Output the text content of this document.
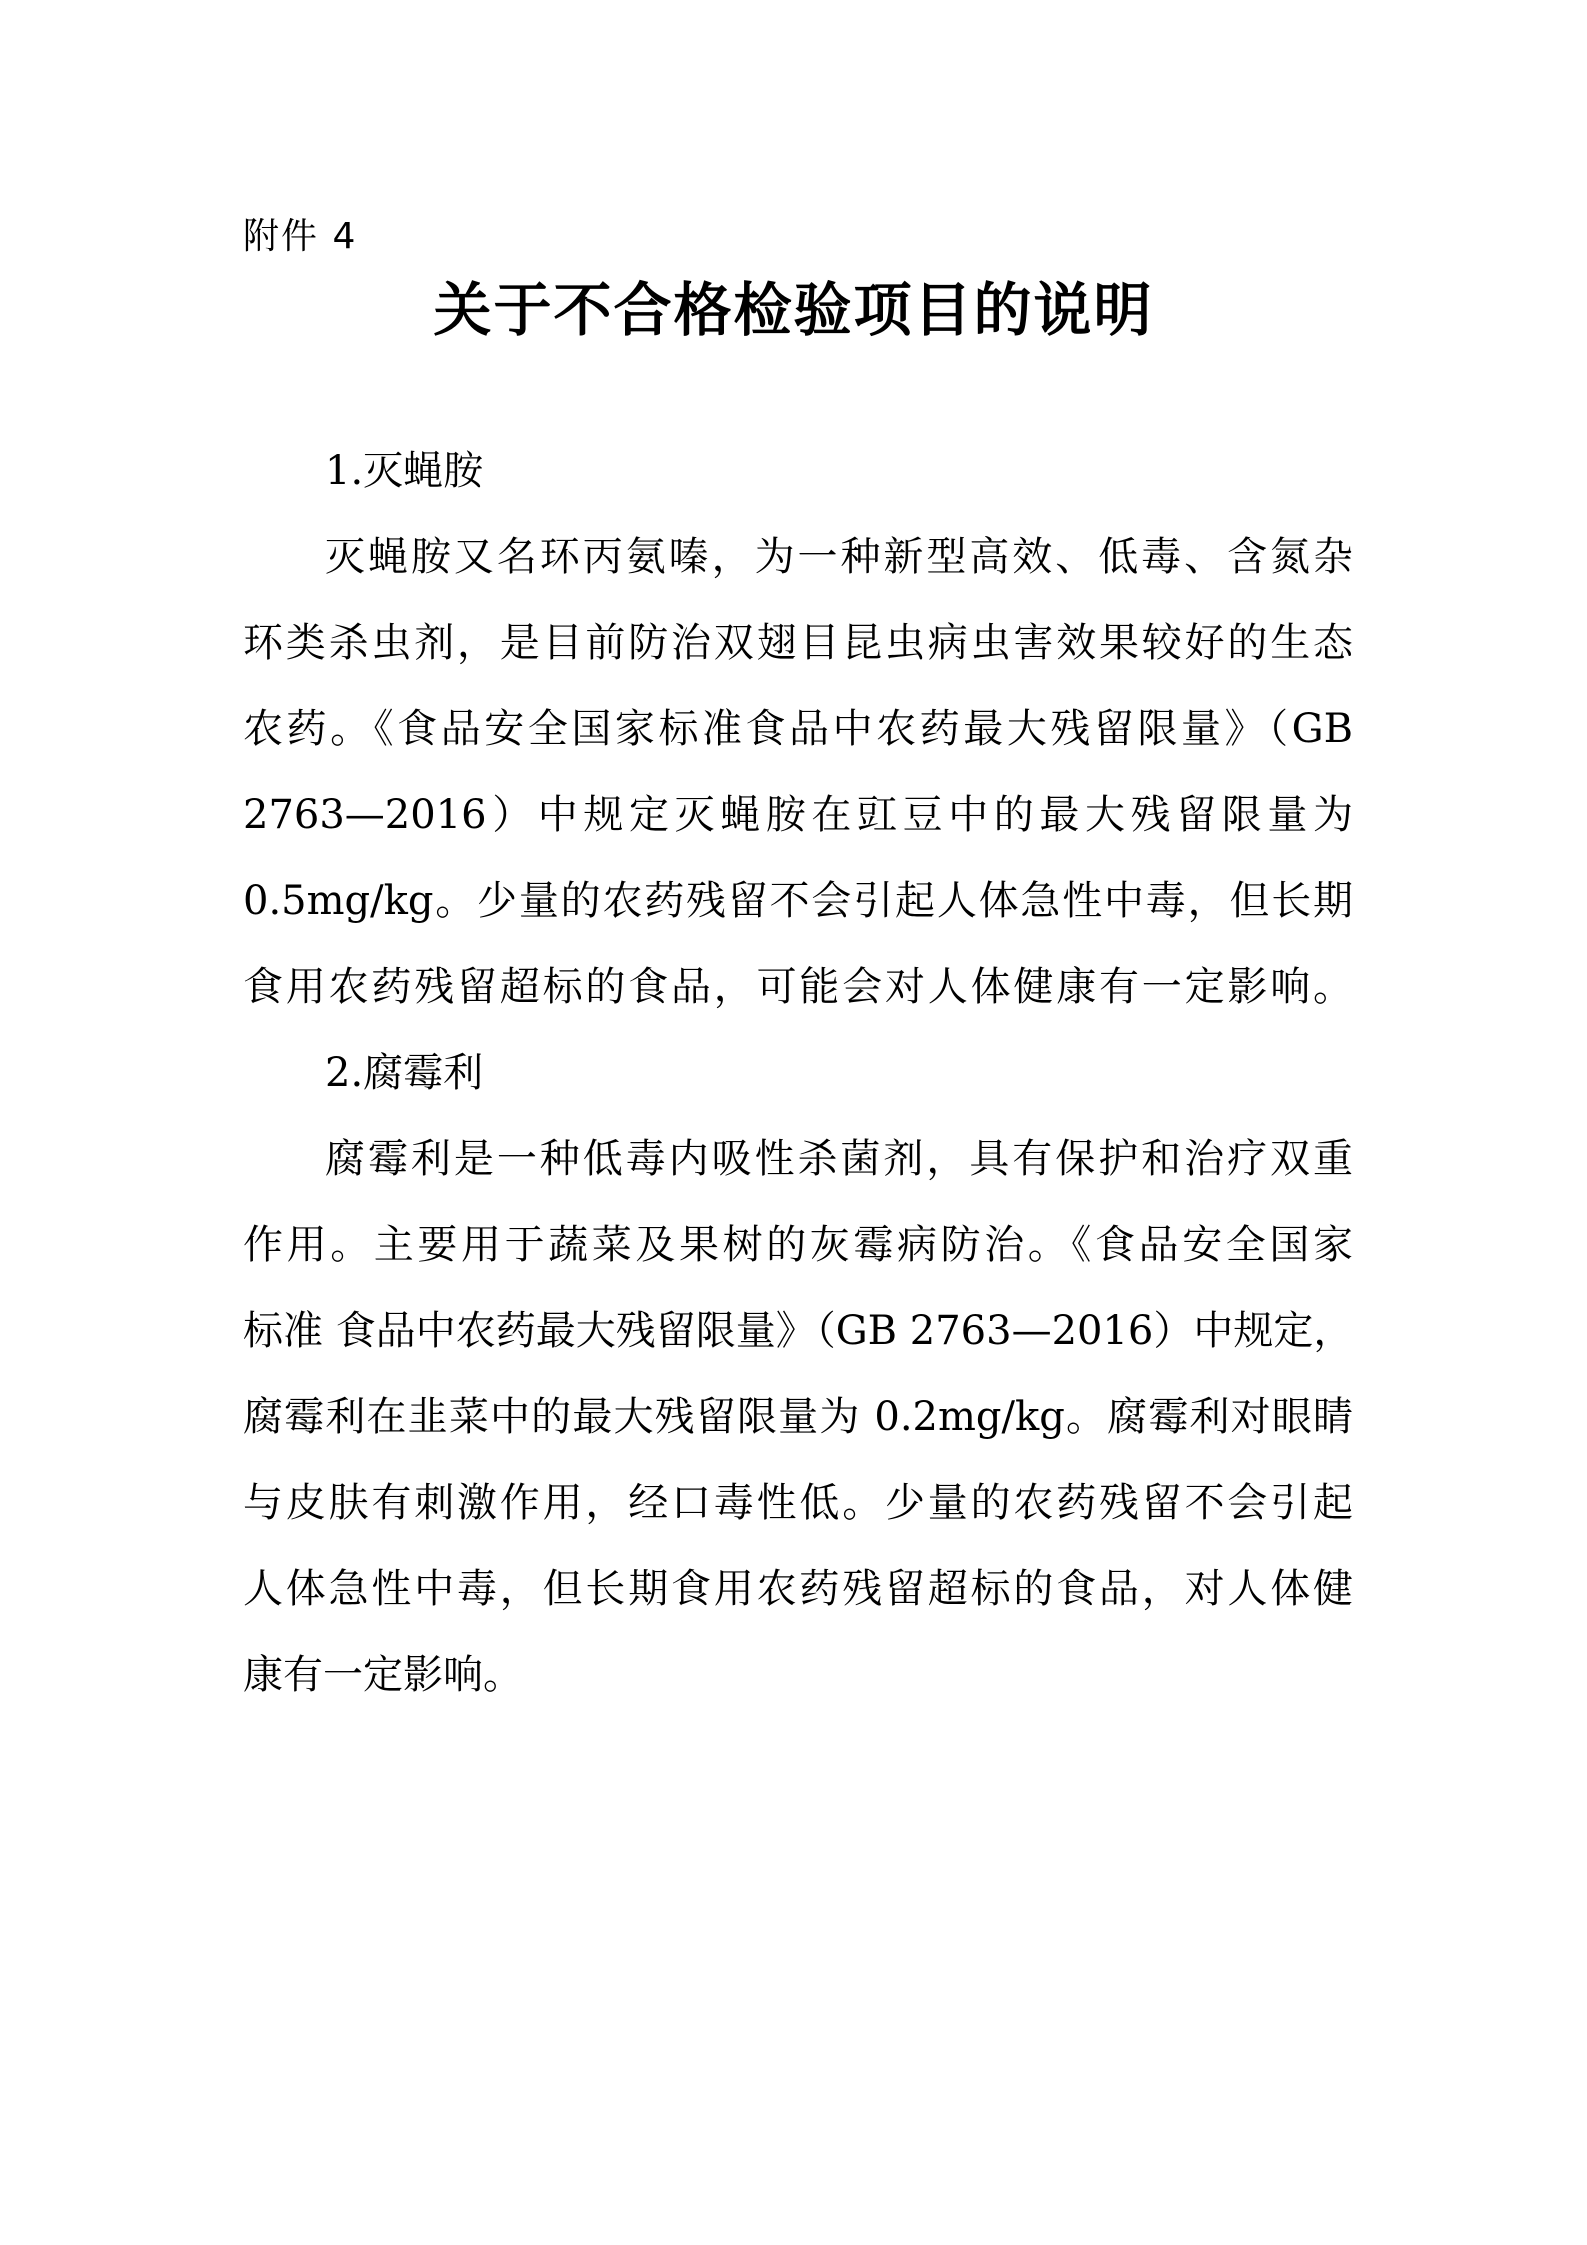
附件 4
关于不合格检验项目的说明
1.灭蝇胺
灭蝇胺又名环丙氨嗪，为一种新型高效、低毒、含氮杂
环类杀虫剂，是目前防治双翅目昆虫病虫害效果较好的生态
农药。《食品安全国家标准食品中农药最大残留限量》（GB
2763—2016）中规定灭蝇胺在豇豆中的最大残留限量为
0.5mg/kg。少量的农药残留不会引起人体急性中毒，但长期
食用农药残留超标的食品，可能会对人体健康有一定影响。
2.腐霉利
腐霉利是一种低毒内吸性杀菌剂，具有保护和治疗双重
作用。主要用于蔬菜及果树的灰霉病防治。《食品安全国家
标准 食品中农药最大残留限量》（GB 2763—2016）中规定，
腐霉利在韭菜中的最大残留限量为 0.2mg/kg。腐霉利对眼睛
与皮肤有刺激作用，经口毒性低。少量的农药残留不会引起
人体急性中毒，但长期食用农药残留超标的食品，对人体健
康有一定影响。
